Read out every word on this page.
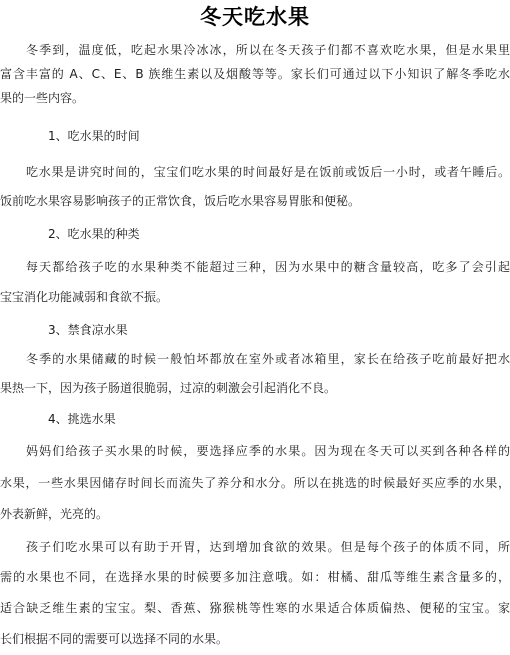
冬天吃水果
冬季到，温度低，吃起水果冷冰冰，所以在冬天孩子们都不喜欢吃水果，但是水果里
富含丰富的 A、C、E、B 族维生素以及烟酸等等。家长们可通过以下小知识了解冬季吃水
果的一些内容。
1、吃水果的时间
吃水果是讲究时间的，宝宝们吃水果的时间最好是在饭前或饭后一小时，或者午睡后。
饭前吃水果容易影响孩子的正常饮食，饭后吃水果容易胃胀和便秘。
2、吃水果的种类
每天都给孩子吃的水果种类不能超过三种，因为水果中的糖含量较高，吃多了会引起
宝宝消化功能减弱和食欲不振。
3、禁食凉水果
冬季的水果储藏的时候一般怕坏都放在室外或者冰箱里，家长在给孩子吃前最好把水
果热一下，因为孩子肠道很脆弱，过凉的刺激会引起消化不良。
4、挑选水果
妈妈们给孩子买水果的时候，要选择应季的水果。因为现在冬天可以买到各种各样的
水果，一些水果因储存时间长而流失了养分和水分。所以在挑选的时候最好买应季的水果，
外表新鲜，光亮的。
孩子们吃水果可以有助于开胃，达到增加食欲的效果。但是每个孩子的体质不同，所
需的水果也不同，在选择水果的时候要多加注意哦。如：柑橘、甜瓜等维生素含量多的，
适合缺乏维生素的宝宝。梨、香蕉、猕猴桃等性寒的水果适合体质偏热、便秘的宝宝。家
长们根据不同的需要可以选择不同的水果。
